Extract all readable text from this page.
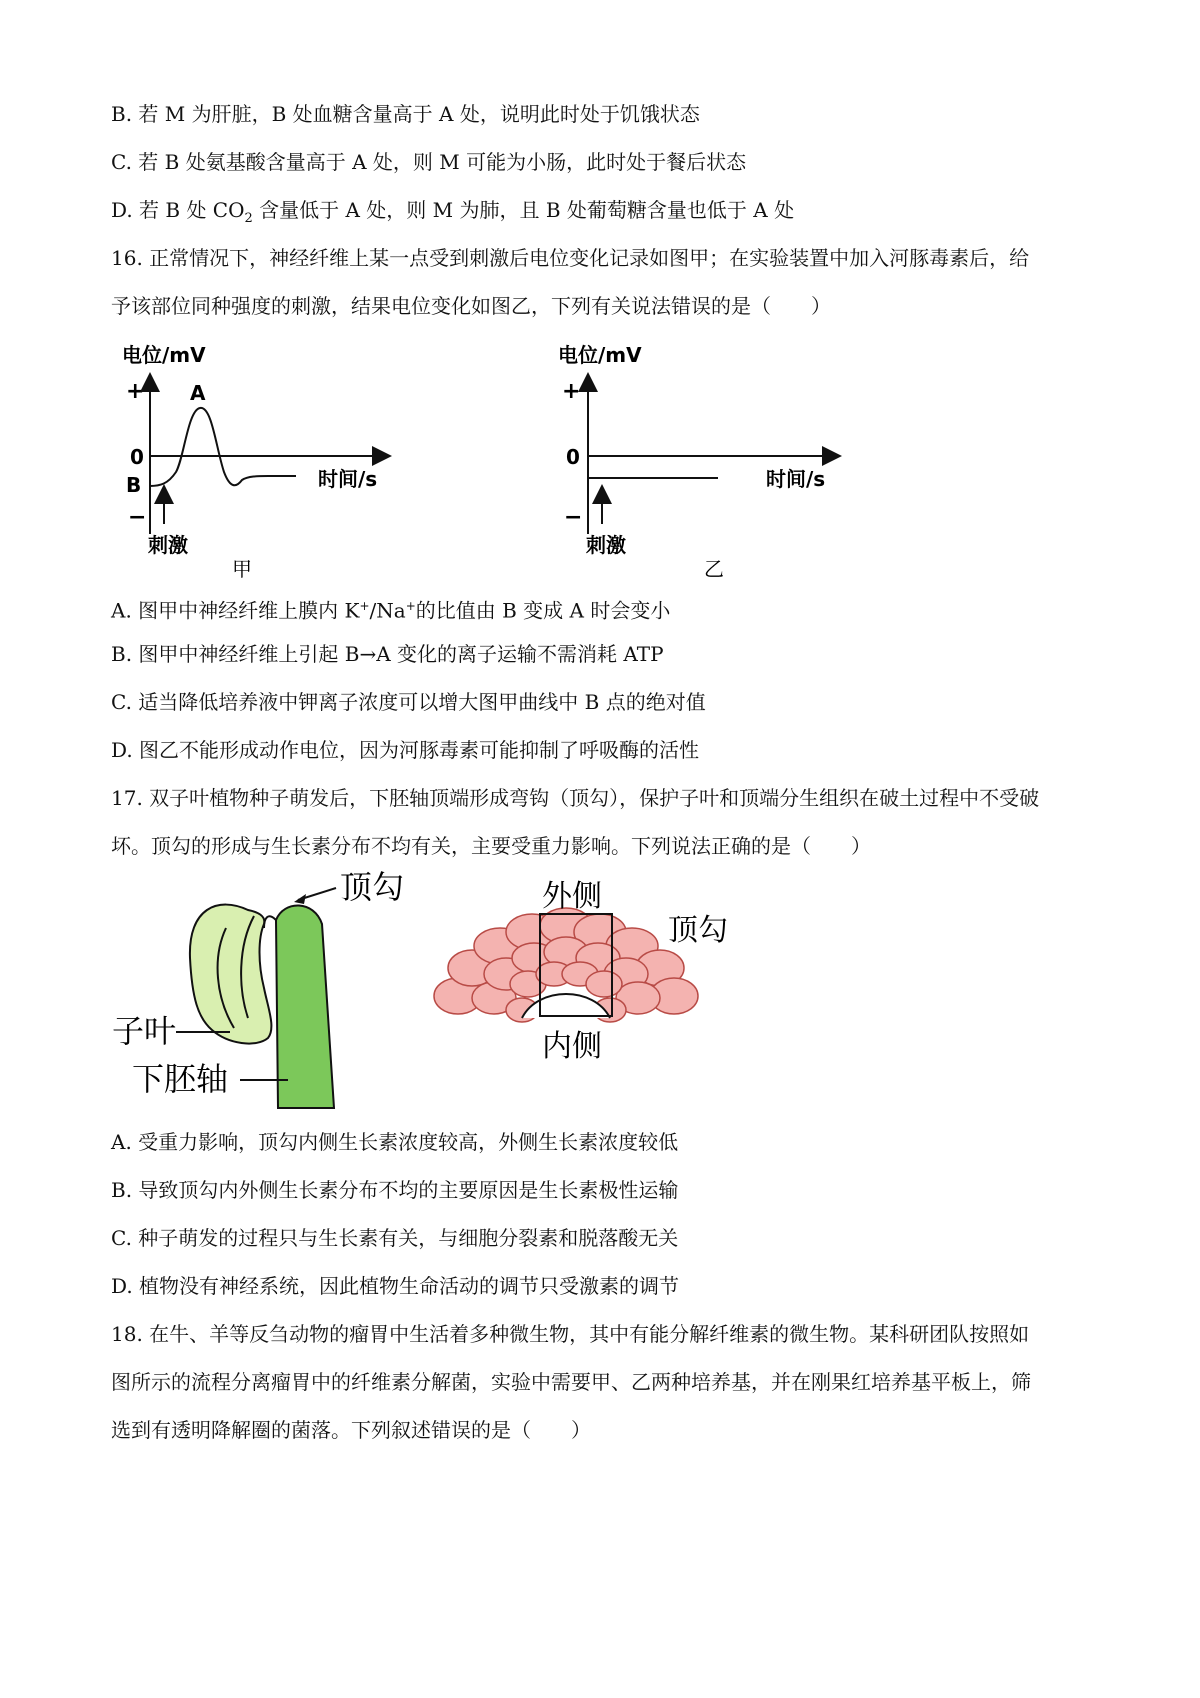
B. 若 M 为肝脏，B 处血糖含量高于 A 处，说明此时处于饥饿状态
C. 若 B 处氨基酸含量高于 A 处，则 M 可能为小肠，此时处于餐后状态
D. 若 B 处 $CO_2$ 含量低于 A 处，则 M 为肺，且 B 处葡萄糖含量也低于 A 处
16. 正常情况下，神经纤维上某一点受到刺激后电位变化记录如图甲；在实验装置中加入河豚毒素后，给
予该部位同种强度的刺激，结果电位变化如图乙，下列有关说法错误的是（　　）
电位/mV
+
−
0
B
A
时间/s
刺激
甲
电位/mV
+
−
0
时间/s
刺激
乙
A. 图甲中神经纤维上膜内 K+/Na+的比值由 B 变成 A 时会变小
B. 图甲中神经纤维上引起 B→A 变化的离子运输不需消耗 ATP
C. 适当降低培养液中钾离子浓度可以增大图甲曲线中 B 点的绝对值
D. 图乙不能形成动作电位，因为河豚毒素可能抑制了呼吸酶的活性
17. 双子叶植物种子萌发后，下胚轴顶端形成弯钩（顶勾），保护子叶和顶端分生组织在破土过程中不受破
坏。顶勾的形成与生长素分布不均有关，主要受重力影响。下列说法正确的是（　　）
顶勾
子叶
下胚轴
外侧
内侧
顶勾
A. 受重力影响，顶勾内侧生长素浓度较高，外侧生长素浓度较低
B. 导致顶勾内外侧生长素分布不均的主要原因是生长素极性运输
C. 种子萌发的过程只与生长素有关，与细胞分裂素和脱落酸无关
D. 植物没有神经系统，因此植物生命活动的调节只受激素的调节
18. 在牛、羊等反刍动物的瘤胃中生活着多种微生物，其中有能分解纤维素的微生物。某科研团队按照如
图所示的流程分离瘤胃中的纤维素分解菌，实验中需要甲、乙两种培养基，并在刚果红培养基平板上，筛
选到有透明降解圈的菌落。下列叙述错误的是（　　）
